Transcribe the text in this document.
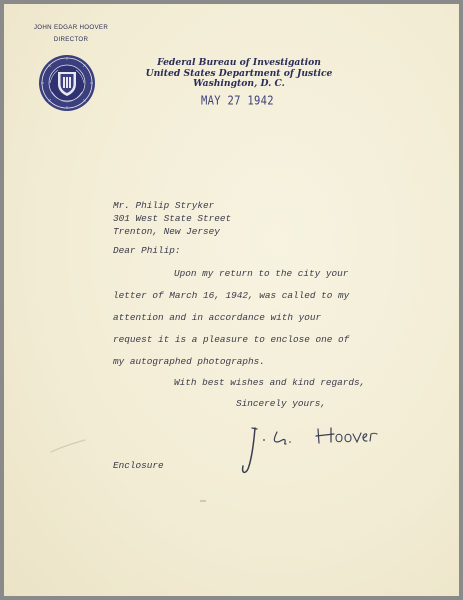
JOHN EDGAR HOOVER
DIRECTOR
Federal Bureau of Investigation
United States Department of Justice
Washington, D. C.
MAY 27 1942
Mr. Philip Stryker
301 West State Street
Trenton, New Jersey
Dear Philip:
Upon my return to the city your
letter of March 16, 1942, was called to my
attention and in accordance with your
request it is a pleasure to enclose one of
my autographed photographs.
With best wishes and kind regards,
Sincerely yours,
Enclosure
